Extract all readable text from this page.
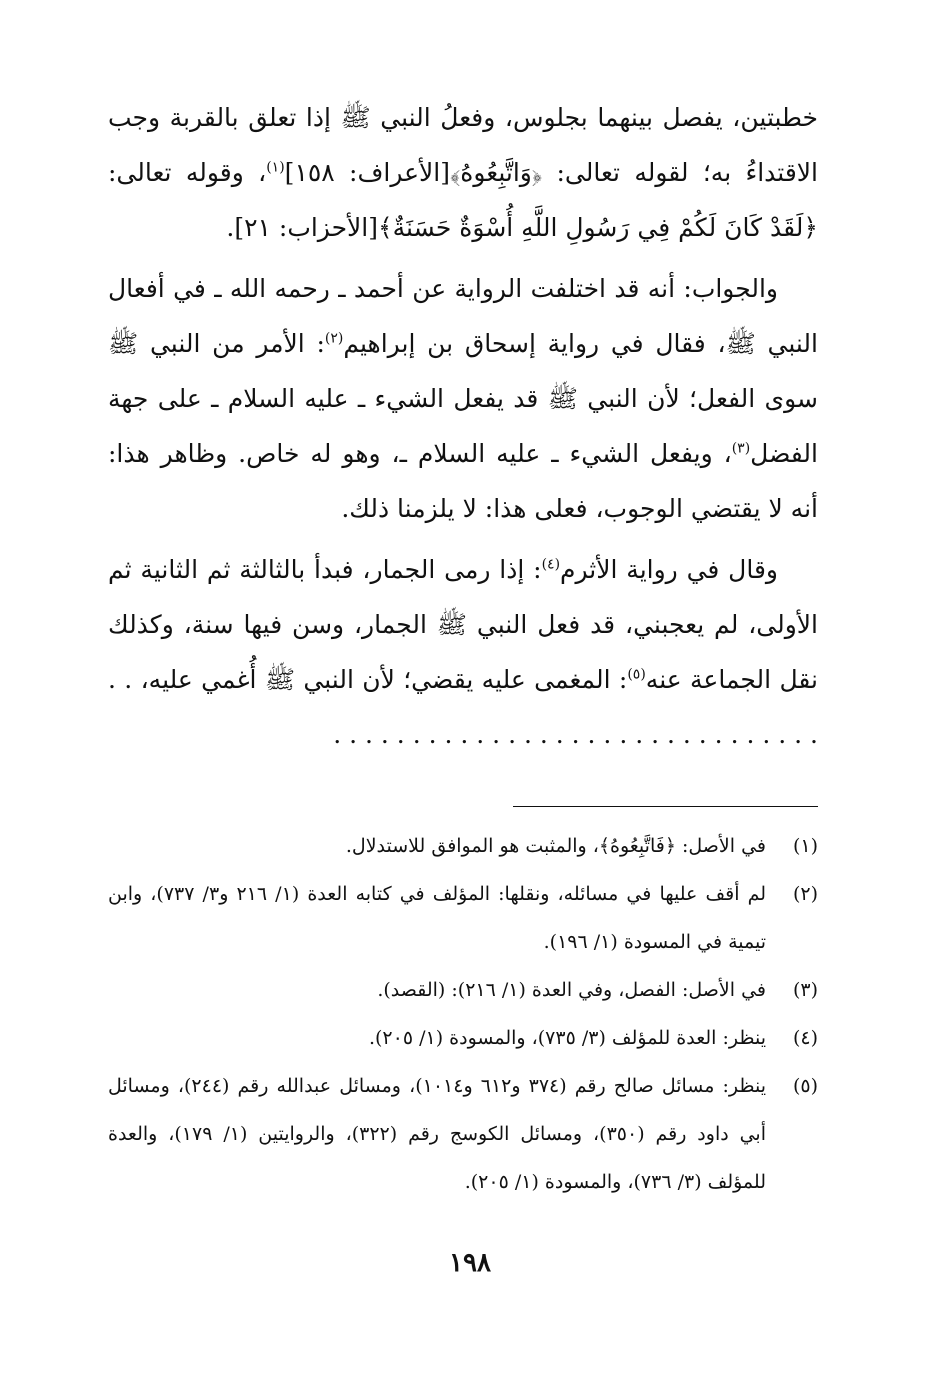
خطبتين، يفصل بينهما بجلوس، وفعلُ النبي ﷺ إذا تعلق بالقربة وجب الاقتداءُ به؛ لقوله تعالى: ﴿وَاتَّبِعُوهُ﴾[الأعراف: ١٥٨]$^{(١)}$، وقوله تعالى: ﴿لَقَدْ كَانَ لَكُمْ فِي رَسُولِ اللَّهِ أُسْوَةٌ حَسَنَةٌ﴾[الأحزاب: ٢١].

والجواب: أنه قد اختلفت الرواية عن أحمد ـ رحمه الله ـ في أفعال النبي ﷺ، فقال في رواية إسحاق بن إبراهيم$^{(٢)}$: الأمر من النبي ﷺ سوى الفعل؛ لأن النبي ﷺ قد يفعل الشيء ـ عليه السلام ـ على جهة الفضل$^{(٣)}$، ويفعل الشيء ـ عليه السلام ـ، وهو له خاص. وظاهر هذا: أنه لا يقتضي الوجوب، فعلى هذا: لا يلزمنا ذلك.

وقال في رواية الأثرم$^{(٤)}$: إذا رمى الجمار، فبدأ بالثالثة ثم الثانية ثم الأولى، لم يعجبني، قد فعل النبي ﷺ الجمار، وسن فيها سنة، وكذلك نقل الجماعة عنه$^{(٥)}$: المغمى عليه يقضي؛ لأن النبي ﷺ أُغمي عليه، . . . . . . . . . . . . . . . . . . . . . . . . . . . . . . . . .

(١)
في الأصل: ﴿فَاتَّبِعُوهُ﴾، والمثبت هو الموافق للاستدلال.
(٢)
لم أقف عليها في مسائله، ونقلها: المؤلف في كتابه العدة (١/ ٢١٦ و٣/ ٧٣٧)، وابن تيمية في المسودة (١/ ١٩٦).
(٣)
في الأصل: الفصل، وفي العدة (١/ ٢١٦): (القصد).
(٤)
ينظر: العدة للمؤلف (٣/ ٧٣٥)، والمسودة (١/ ٢٠٥).
(٥)
ينظر: مسائل صالح رقم (٣٧٤ و٦١٢ و١٠١٤)، ومسائل عبدالله رقم (٢٤٤)، ومسائل أبي داود رقم (٣٥٠)، ومسائل الكوسج رقم (٣٢٢)، والروايتين (١/ ١٧٩)، والعدة للمؤلف (٣/ ٧٣٦)، والمسودة (١/ ٢٠٥).
١٩٨
